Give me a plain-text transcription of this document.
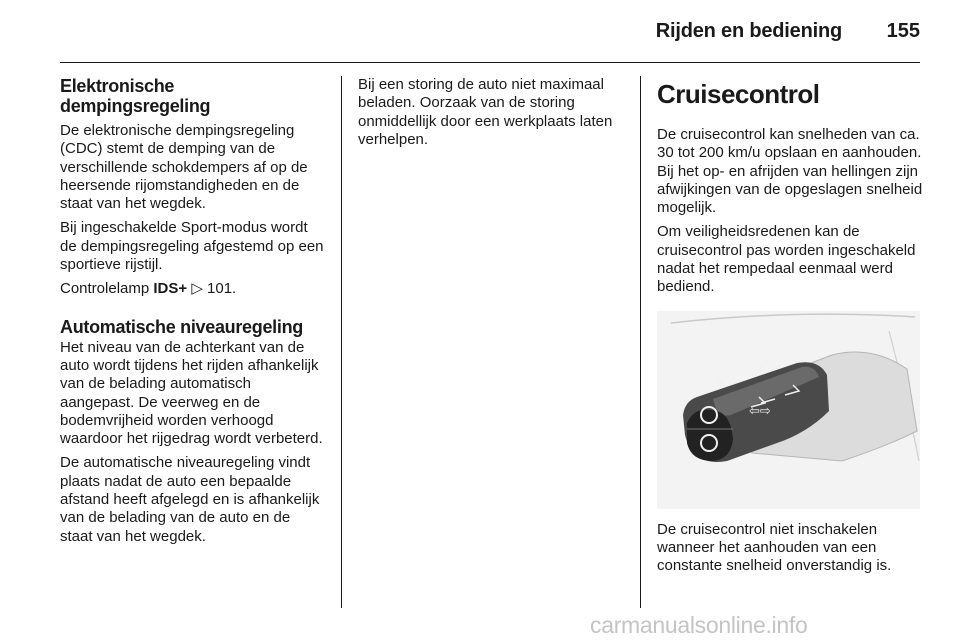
Rijden en bediening 155
Elektronische dempingsregeling

De elektronische dempingsregeling (CDC) stemt de demping van de verschillende schokdempers af op de heersende rijomstandigheden en de staat van het wegdek.

Bij ingeschakelde Sport-modus wordt de dempingsregeling afgestemd op een sportieve rijstijl.

Controlelamp IDS+ ▷ 101.

Automatische niveauregeling

Het niveau van de achterkant van de auto wordt tijdens het rijden afhankelijk van de belading automatisch aangepast. De veerweg en de bodemvrijheid worden verhoogd waardoor het rijgedrag wordt verbeterd.

De automatische niveauregeling vindt plaats nadat de auto een bepaalde afstand heeft afgelegd en is afhankelijk van de belading van de auto en de staat van het wegdek.

Bij een storing de auto niet maximaal beladen. Oorzaak van de storing onmiddellijk door een werkplaats laten verhelpen.

Cruisecontrol

De cruisecontrol kan snelheden van ca. 30 tot 200 km/u opslaan en aanhouden. Bij het op- en afrijden van hellingen zijn afwijkingen van de opgeslagen snelheid mogelijk.

Om veiligheidsredenen kan de cruisecontrol pas worden ingeschakeld nadat het rempedaal eenmaal werd bediend.

0
I
⇦⇨

De cruisecontrol niet inschakelen wanneer het aanhouden van een constante snelheid onverstandig is.

carmanualsonline.info
